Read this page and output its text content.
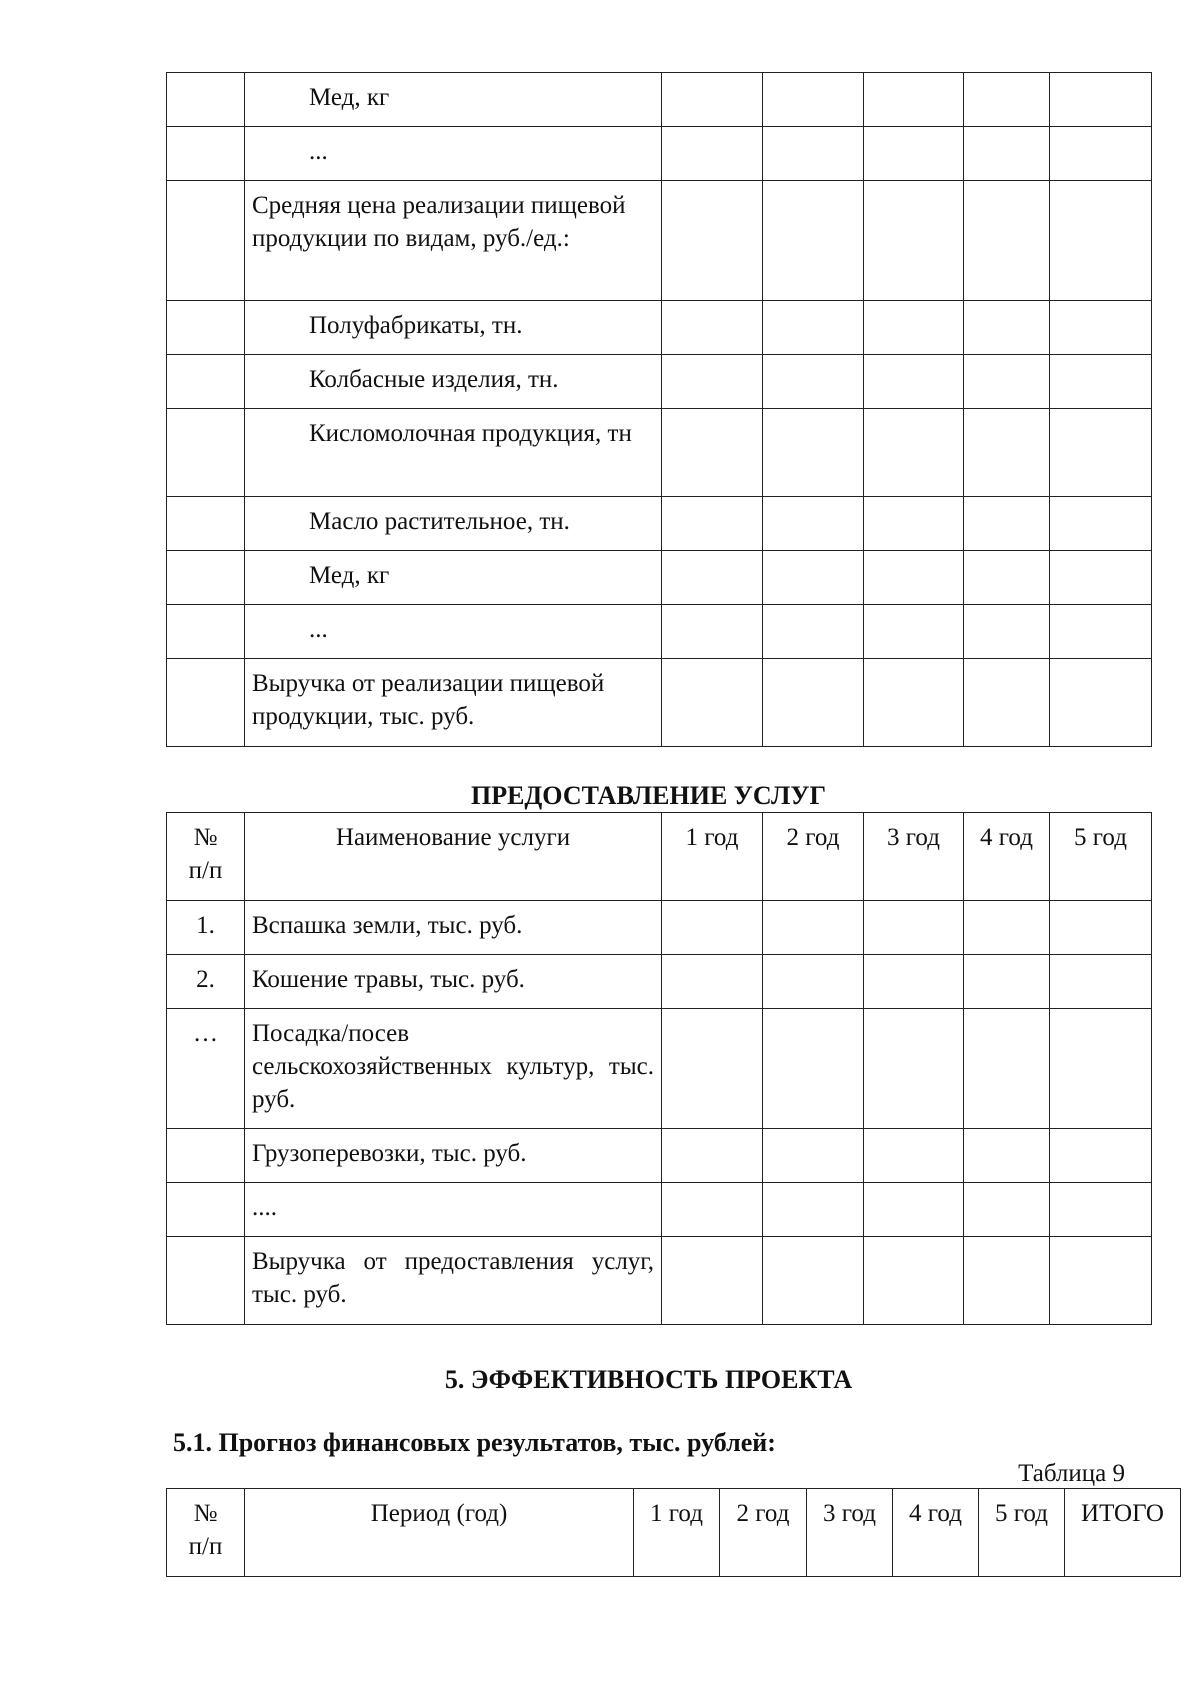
	Мед, кг					
	...					
	Средняя цена реализации пищевой продукции по видам, руб./ед.:					
	Полуфабрикаты, тн.					
	Колбасные изделия, тн.					
	Кисломолочная продукция, тн					
	Масло растительное, тн.					
	Мед, кг					
	...					
	Выручка от реализации пищевой продукции, тыс. руб.					
ПРЕДОСТАВЛЕНИЕ УСЛУГ
№ п/п	Наименование услуги	1 год	2 год	3 год	4 год	5 год
1.	Вспашка земли, тыс. руб.					
2.	Кошение травы, тыс. руб.					
…	Посадка/посев сельскохозяйственных культур, тыс. руб.					
	Грузоперевозки, тыс. руб.					
	....					
	Выручка от предоставления услуг, тыс. руб.					
5. ЭФФЕКТИВНОСТЬ ПРОЕКТА
5.1. Прогноз финансовых результатов, тыс. рублей:
Таблица 9
№ п/п	Период (год)	1 год	2 год	3 год	4 год	5 год	ИТОГО
